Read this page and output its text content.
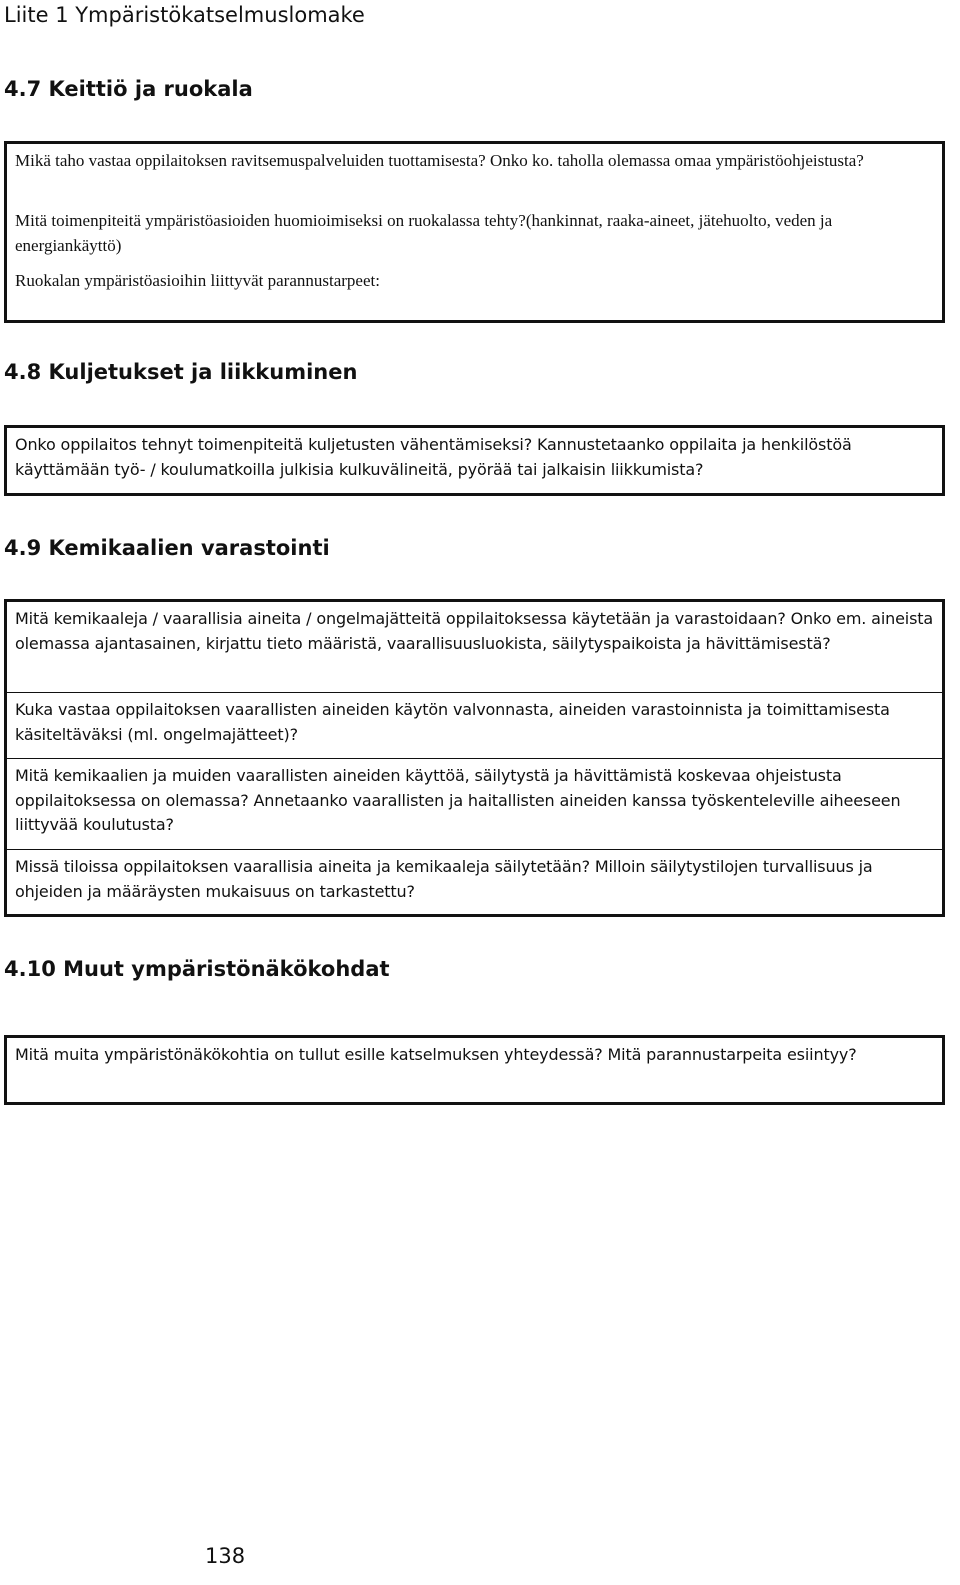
Liite 1 Ympäristökatselmuslomake
4.7 Keittiö ja ruokala
Mikä taho vastaa oppilaitoksen ravitsemuspalveluiden tuottamisesta? Onko ko. taholla olemassa omaa ympäristöohjeistusta?
Mitä toimenpiteitä ympäristöasioiden huomioimiseksi on ruokalassa tehty?(hankinnat, raaka-aineet, jätehuolto, veden ja energiankäyttö)
Ruokalan ympäristöasioihin liittyvät parannustarpeet:
4.8 Kuljetukset ja liikkuminen
Onko oppilaitos tehnyt toimenpiteitä kuljetusten vähentämiseksi? Kannustetaanko oppilaita ja henkilöstöä käyttämään työ- / koulumatkoilla julkisia kulkuvälineitä, pyörää tai jalkaisin liikkumista?
4.9 Kemikaalien varastointi
Mitä kemikaaleja / vaarallisia aineita / ongelmajätteitä oppilaitoksessa käytetään ja varastoidaan? Onko em. aineista olemassa ajantasainen, kirjattu tieto määristä, vaarallisuusluokista, säilytyspaikoista ja hävittämisestä?
Kuka vastaa oppilaitoksen vaarallisten aineiden käytön valvonnasta, aineiden varastoinnista ja toimittamisesta käsiteltäväksi (ml. ongelmajätteet)?
Mitä kemikaalien ja muiden vaarallisten aineiden käyttöä, säilytystä ja hävittämistä koskevaa ohjeistusta oppilaitoksessa on olemassa? Annetaanko vaarallisten ja haitallisten aineiden kanssa työskenteleville aiheeseen liittyvää koulutusta?
Missä tiloissa oppilaitoksen vaarallisia aineita ja kemikaaleja säilytetään? Milloin säilytystilojen turvallisuus ja ohjeiden ja määräysten mukaisuus on tarkastettu?
4.10 Muut ympäristönäkökohdat
Mitä muita ympäristönäkökohtia on tullut esille katselmuksen yhteydessä? Mitä parannustarpeita esiintyy?
138
